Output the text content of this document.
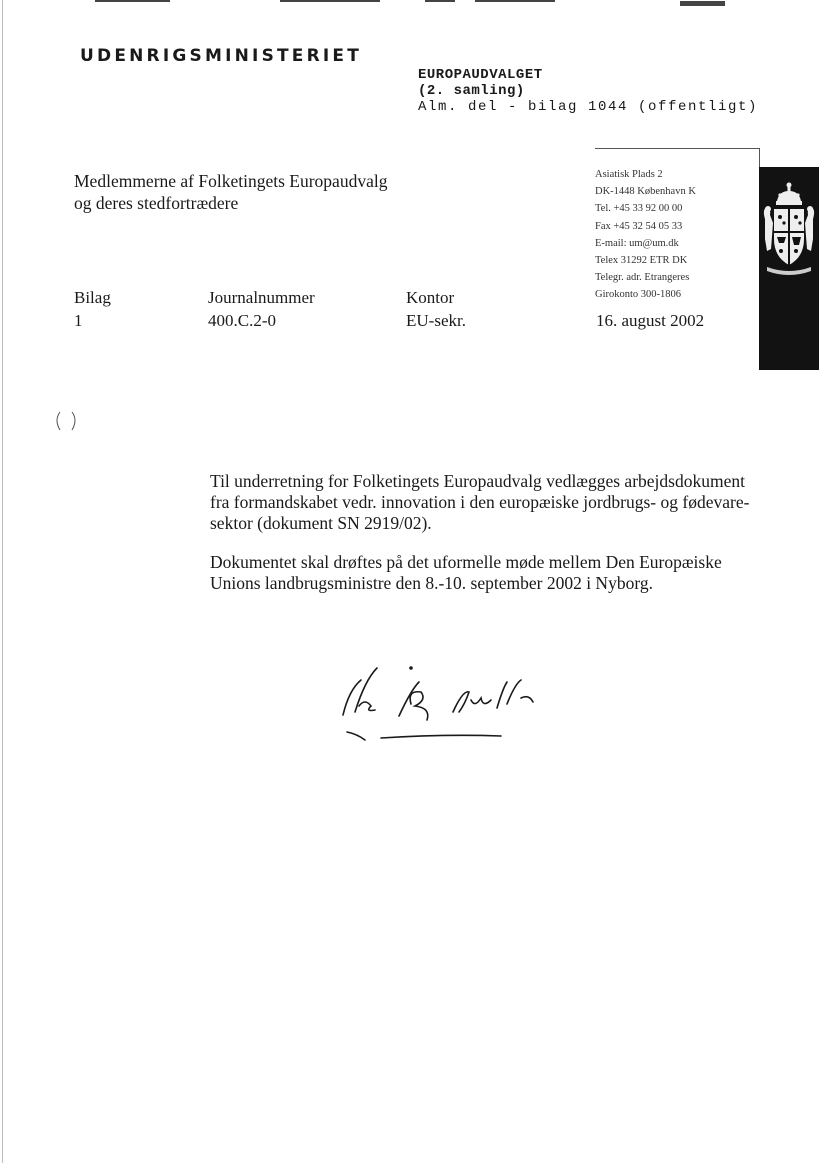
UDENRIGSMINISTERIET
EUROPAUDVALGET
(2. samling)
Alm. del - bilag 1044 (offentligt)
Medlemmerne af Folketingets Europaudvalg
og deres stedfortrædere
Asiatisk Plads 2
DK-1448 København K
Tel. +45 33 92 00 00
Fax +45 32 54 05 33
E-mail: um@um.dk
Telex 31292 ETR DK
Telegr. adr. Etrangeres
Girokonto 300-1806
Bilag
1
Journalnummer
400.C.2-0
Kontor
EU-sekr.	16. august 2002
Til underretning for Folketingets Europaudvalg vedlægges arbejdsdokument
fra formandskabet vedr. innovation i den europæiske jordbrugs- og fødevare-
sektor (dokument SN 2919/02).
Dokumentet skal drøftes på det uformelle møde mellem Den Europæiske
Unions landbrugsministre den 8.-10. september 2002 i Nyborg.
